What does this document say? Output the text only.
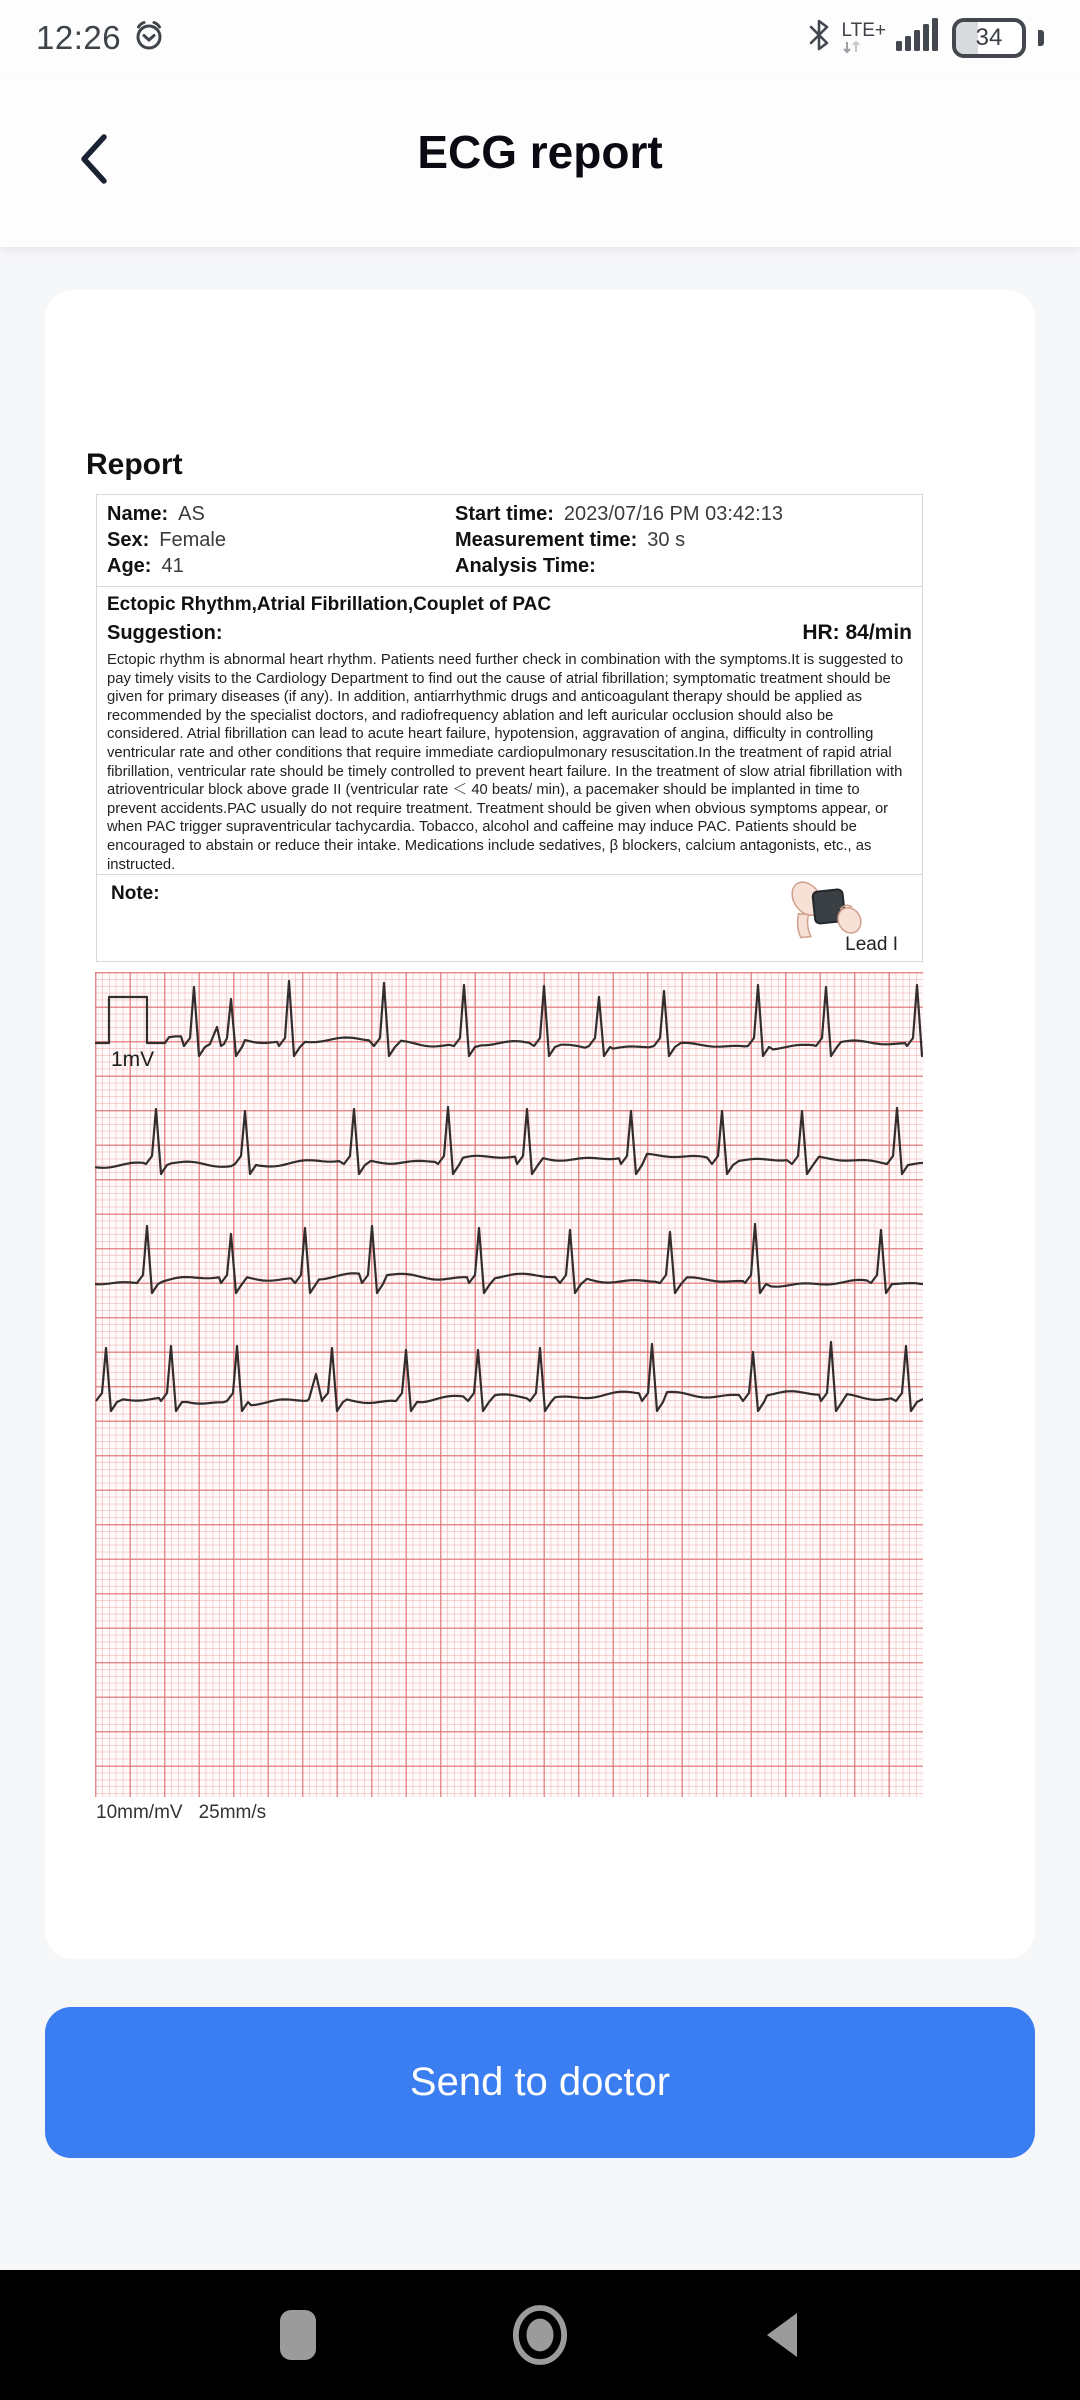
12:26	LTE+	34
ECG report
Report
Name: AS	Start time: 2023/07/16 PM 03:42:13
Sex: Female	Measurement time: 30 s
Age: 41	Analysis Time:
Ectopic Rhythm,Atrial Fibrillation,Couplet of PAC
Suggestion:	HR: 84/min
Ectopic rhythm is abnormal heart rhythm. Patients need further check in combination with the symptoms.It is suggested to pay timely visits to the Cardiology Department to find out the cause of atrial fibrillation; symptomatic treatment should be given for primary diseases (if any). In addition, antiarrhythmic drugs and anticoagulant therapy should be applied as recommended by the specialist doctors, and radiofrequency ablation and left auricular occlusion should also be considered. Atrial fibrillation can lead to acute heart failure, hypotension, aggravation of angina, difficulty in controlling ventricular rate and other conditions that require immediate cardiopulmonary resuscitation.In the treatment of rapid atrial fibrillation, ventricular rate should be timely controlled to prevent heart failure. In the treatment of slow atrial fibrillation with atrioventricular block above grade II (ventricular rate ＜ 40 beats/ min), a pacemaker should be implanted in time to prevent accidents.PAC usually do not require treatment. Treatment should be given when obvious symptoms appear, or when PAC trigger supraventricular tachycardia. Tobacco, alcohol and caffeine may induce PAC. Patients should be encouraged to abstain or reduce their intake. Medications include sedatives, β blockers, calcium antagonists, etc., as instructed.
Note:
Lead I
1mV
10mm/mV 25mm/s
Send to doctor
